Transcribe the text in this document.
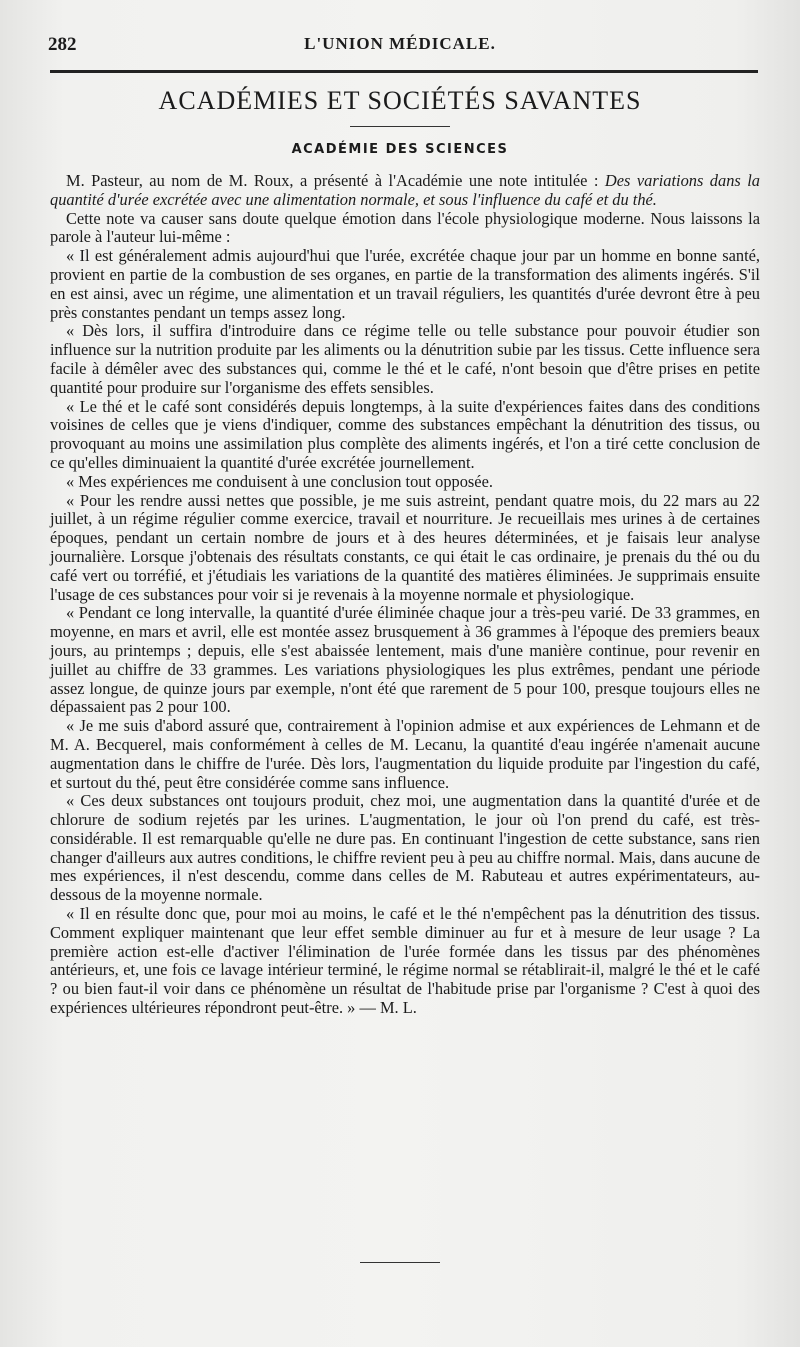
282	L'UNION MÉDICALE.
ACADÉMIES ET SOCIÉTÉS SAVANTES
ACADÉMIE DES SCIENCES

M. Pasteur, au nom de M. Roux, a présenté à l'Académie une note intitulée : Des variations dans la quantité d'urée excrétée avec une alimentation normale, et sous l'influence du café et du thé.

Cette note va causer sans doute quelque émotion dans l'école physiologique moderne. Nous laissons la parole à l'auteur lui-même :

« Il est généralement admis aujourd'hui que l'urée, excrétée chaque jour par un homme en bonne santé, provient en partie de la combustion de ses organes, en partie de la transformation des aliments ingérés. S'il en est ainsi, avec un régime, une alimentation et un travail réguliers, les quantités d'urée devront être à peu près constantes pendant un temps assez long.

« Dès lors, il suffira d'introduire dans ce régime telle ou telle substance pour pouvoir étudier son influence sur la nutrition produite par les aliments ou la dénutrition subie par les tissus. Cette influence sera facile à démêler avec des substances qui, comme le thé et le café, n'ont besoin que d'être prises en petite quantité pour produire sur l'organisme des effets sensibles.

« Le thé et le café sont considérés depuis longtemps, à la suite d'expériences faites dans des conditions voisines de celles que je viens d'indiquer, comme des substances empêchant la dénutrition des tissus, ou provoquant au moins une assimilation plus complète des aliments ingérés, et l'on a tiré cette conclusion de ce qu'elles diminuaient la quantité d'urée excrétée journellement.

« Mes expériences me conduisent à une conclusion tout opposée.

« Pour les rendre aussi nettes que possible, je me suis astreint, pendant quatre mois, du 22 mars au 22 juillet, à un régime régulier comme exercice, travail et nourriture. Je recueillais mes urines à de certaines époques, pendant un certain nombre de jours et à des heures déterminées, et je faisais leur analyse journalière. Lorsque j'obtenais des résultats constants, ce qui était le cas ordinaire, je prenais du thé ou du café vert ou torréfié, et j'étudiais les variations de la quantité des matières éliminées. Je supprimais ensuite l'usage de ces substances pour voir si je revenais à la moyenne normale et physiologique.

« Pendant ce long intervalle, la quantité d'urée éliminée chaque jour a très-peu varié. De 33 grammes, en moyenne, en mars et avril, elle est montée assez brusquement à 36 grammes à l'époque des premiers beaux jours, au printemps ; depuis, elle s'est abaissée lentement, mais d'une manière continue, pour revenir en juillet au chiffre de 33 grammes. Les variations physiologiques les plus extrêmes, pendant une période assez longue, de quinze jours par exemple, n'ont été que rarement de 5 pour 100, presque toujours elles ne dépassaient pas 2 pour 100.

« Je me suis d'abord assuré que, contrairement à l'opinion admise et aux expériences de Lehmann et de M. A. Becquerel, mais conformément à celles de M. Lecanu, la quantité d'eau ingérée n'amenait aucune augmentation dans le chiffre de l'urée. Dès lors, l'augmentation du liquide produite par l'ingestion du café, et surtout du thé, peut être considérée comme sans influence.

« Ces deux substances ont toujours produit, chez moi, une augmentation dans la quantité d'urée et de chlorure de sodium rejetés par les urines. L'augmentation, le jour où l'on prend du café, est très-considérable. Il est remarquable qu'elle ne dure pas. En continuant l'ingestion de cette substance, sans rien changer d'ailleurs aux autres conditions, le chiffre revient peu à peu au chiffre normal. Mais, dans aucune de mes expériences, il n'est descendu, comme dans celles de M. Rabuteau et autres expérimentateurs, au-dessous de la moyenne normale.

« Il en résulte donc que, pour moi au moins, le café et le thé n'empêchent pas la dénutrition des tissus. Comment expliquer maintenant que leur effet semble diminuer au fur et à mesure de leur usage ? La première action est-elle d'activer l'élimination de l'urée formée dans les tissus par des phénomènes antérieurs, et, une fois ce lavage intérieur terminé, le régime normal se rétablirait-il, malgré le thé et le café ? ou bien faut-il voir dans ce phénomène un résultat de l'habitude prise par l'organisme ? C'est à quoi des expériences ultérieures répondront peut-être. » — M. L.
